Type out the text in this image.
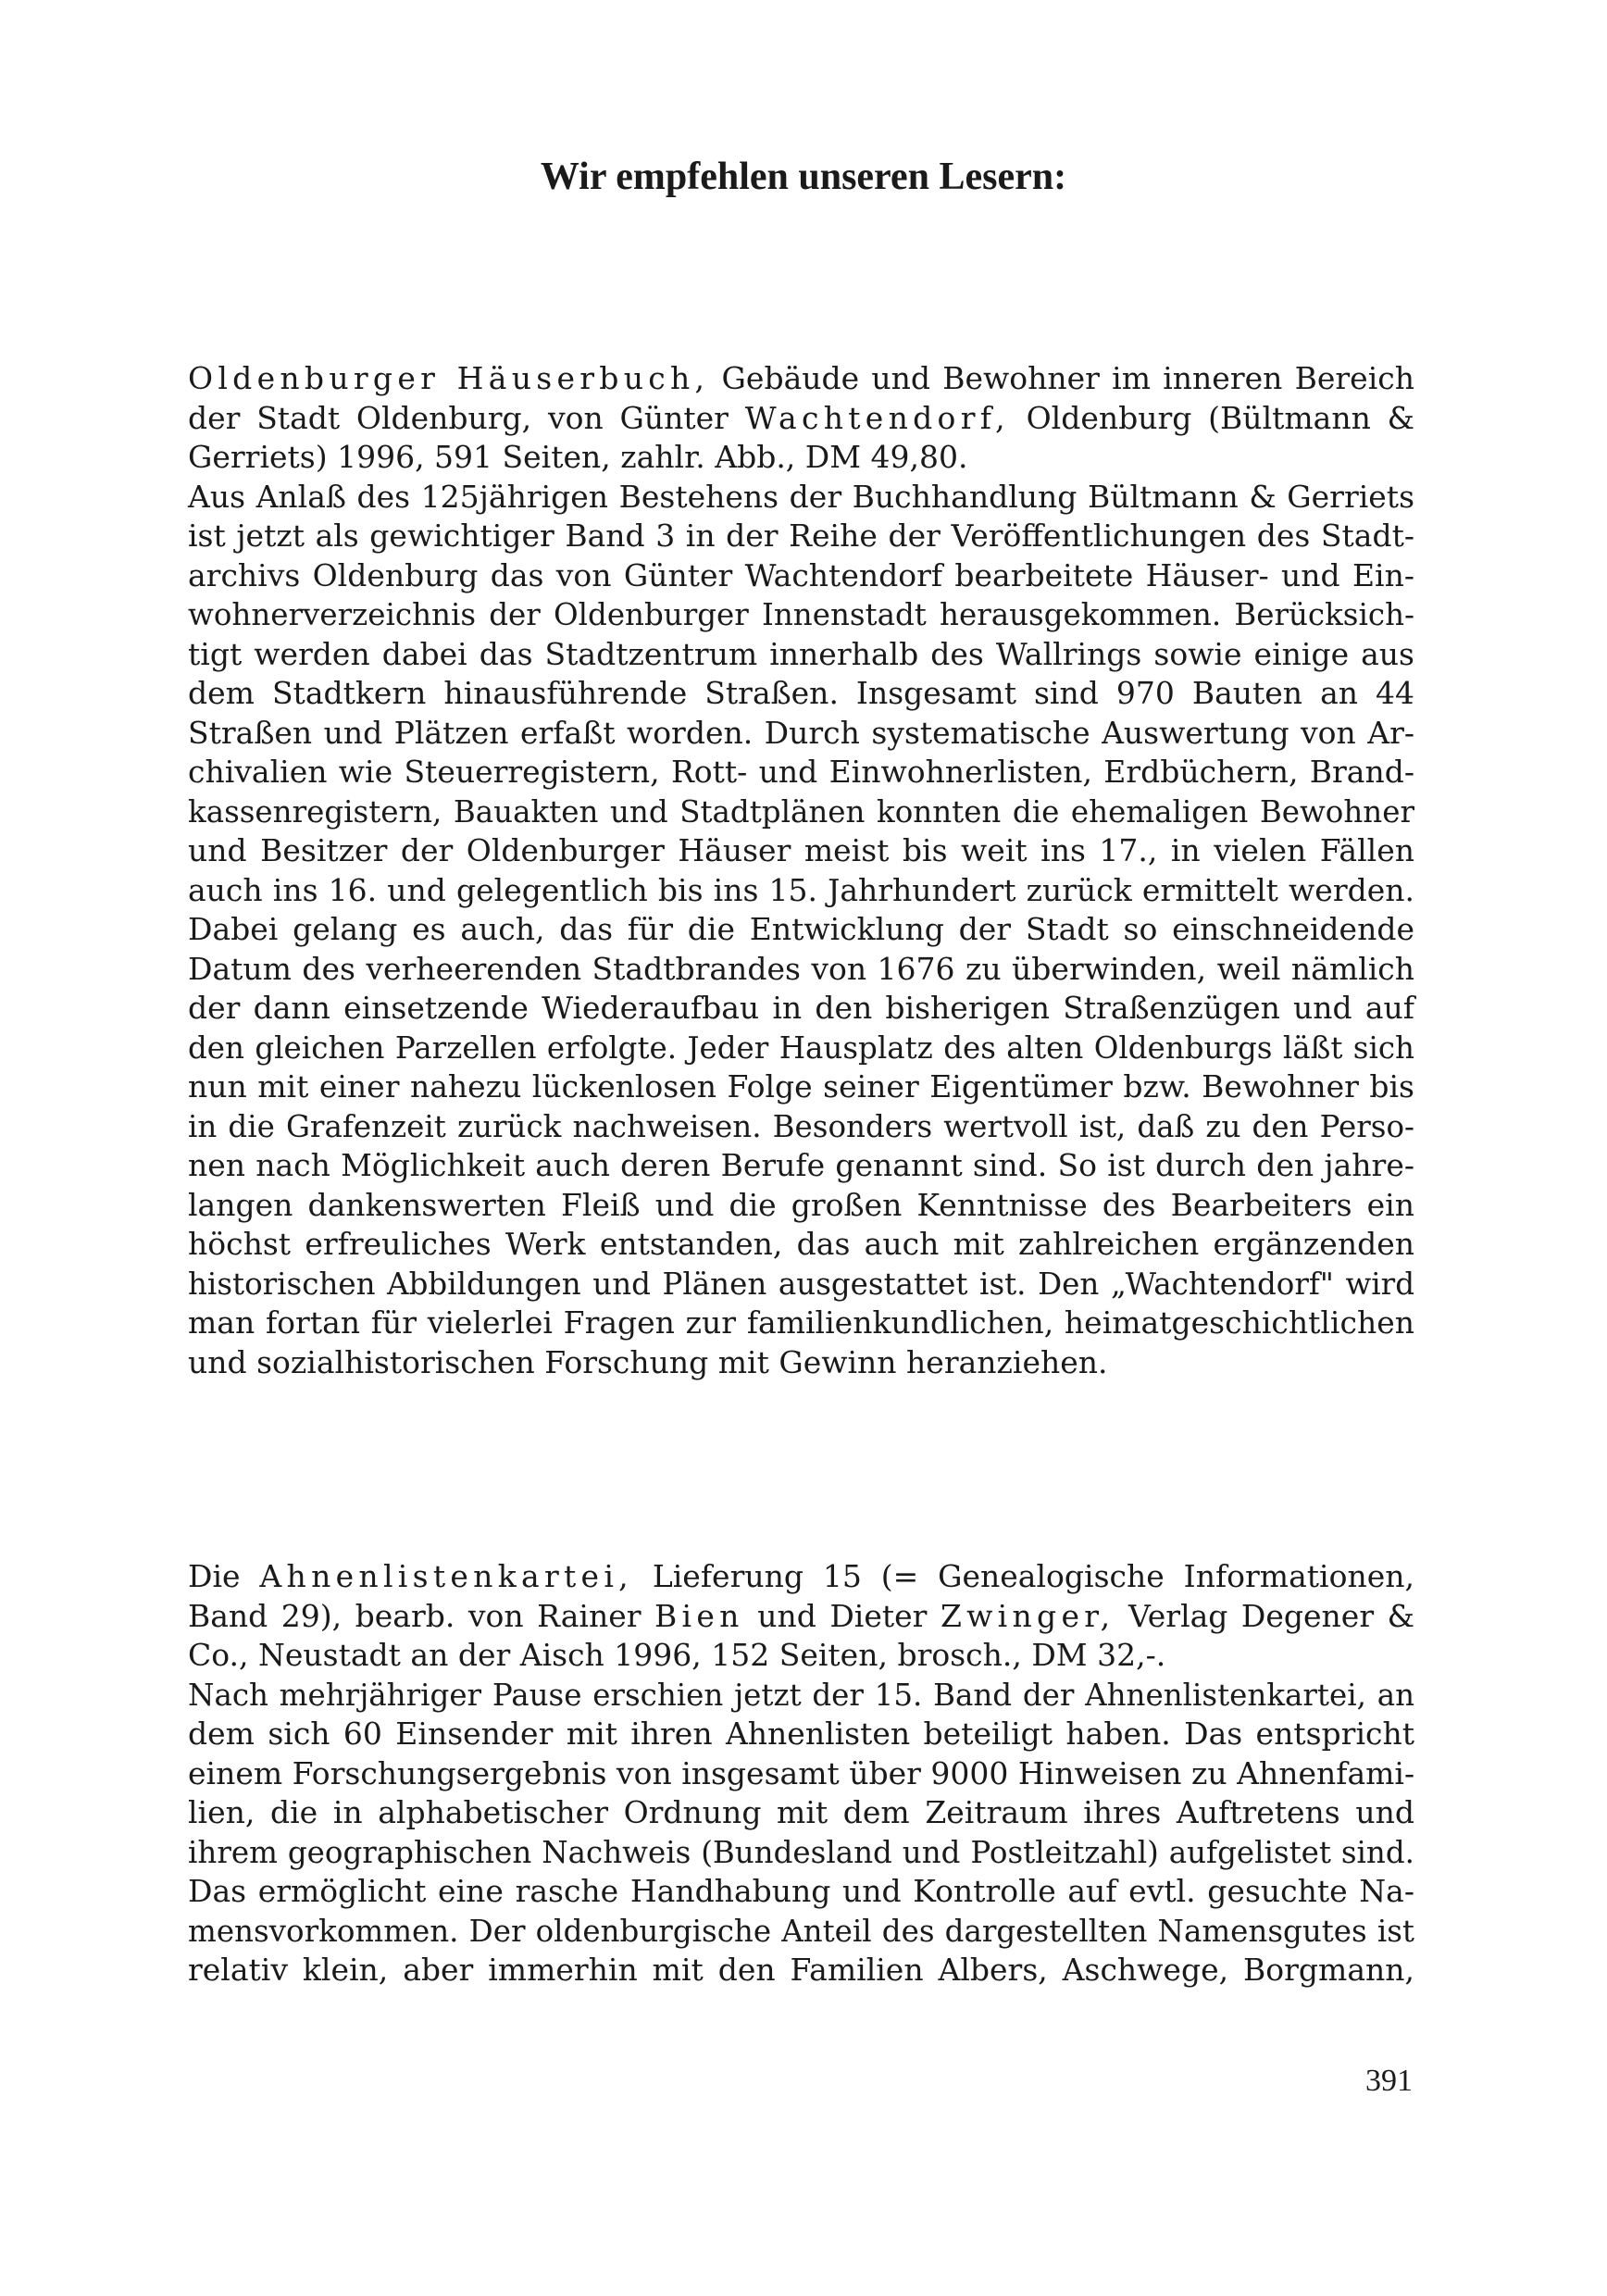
Wir empfehlen unseren Lesern:
Oldenburger Häuserbuch, Gebäude und Bewohner im inneren Bereich
der Stadt Oldenburg, von Günter Wachtendorf, Oldenburg (Bültmann &
Gerriets) 1996, 591 Seiten, zahlr. Abb., DM 49,80.
Aus Anlaß des 125jährigen Bestehens der Buchhandlung Bültmann & Gerriets
ist jetzt als gewichtiger Band 3 in der Reihe der Veröffentlichungen des Stadt-
archivs Oldenburg das von Günter Wachtendorf bearbeitete Häuser- und Ein-
wohnerverzeichnis der Oldenburger Innenstadt herausgekommen. Berücksich-
tigt werden dabei das Stadtzentrum innerhalb des Wallrings sowie einige aus
dem Stadtkern hinausführende Straßen. Insgesamt sind 970 Bauten an 44
Straßen und Plätzen erfaßt worden. Durch systematische Auswertung von Ar-
chivalien wie Steuerregistern, Rott- und Einwohnerlisten, Erdbüchern, Brand-
kassenregistern, Bauakten und Stadtplänen konnten die ehemaligen Bewohner
und Besitzer der Oldenburger Häuser meist bis weit ins 17., in vielen Fällen
auch ins 16. und gelegentlich bis ins 15. Jahrhundert zurück ermittelt werden.
Dabei gelang es auch, das für die Entwicklung der Stadt so einschneidende
Datum des verheerenden Stadtbrandes von 1676 zu überwinden, weil nämlich
der dann einsetzende Wiederaufbau in den bisherigen Straßenzügen und auf
den gleichen Parzellen erfolgte. Jeder Hausplatz des alten Oldenburgs läßt sich
nun mit einer nahezu lückenlosen Folge seiner Eigentümer bzw. Bewohner bis
in die Grafenzeit zurück nachweisen. Besonders wertvoll ist, daß zu den Perso-
nen nach Möglichkeit auch deren Berufe genannt sind. So ist durch den jahre-
langen dankenswerten Fleiß und die großen Kenntnisse des Bearbeiters ein
höchst erfreuliches Werk entstanden, das auch mit zahlreichen ergänzenden
historischen Abbildungen und Plänen ausgestattet ist. Den „Wachtendorf" wird
man fortan für vielerlei Fragen zur familienkundlichen, heimatgeschichtlichen
und sozialhistorischen Forschung mit Gewinn heranziehen.
Die Ahnenlistenkartei, Lieferung 15 (= Genealogische Informationen,
Band 29), bearb. von Rainer Bien und Dieter Zwinger, Verlag Degener &
Co., Neustadt an der Aisch 1996, 152 Seiten, brosch., DM 32,-.
Nach mehrjähriger Pause erschien jetzt der 15. Band der Ahnenlistenkartei, an
dem sich 60 Einsender mit ihren Ahnenlisten beteiligt haben. Das entspricht
einem Forschungsergebnis von insgesamt über 9000 Hinweisen zu Ahnenfami-
lien, die in alphabetischer Ordnung mit dem Zeitraum ihres Auftretens und
ihrem geographischen Nachweis (Bundesland und Postleitzahl) aufgelistet sind.
Das ermöglicht eine rasche Handhabung und Kontrolle auf evtl. gesuchte Na-
mensvorkommen. Der oldenburgische Anteil des dargestellten Namensgutes ist
relativ klein, aber immerhin mit den Familien Albers, Aschwege, Borgmann,
391
